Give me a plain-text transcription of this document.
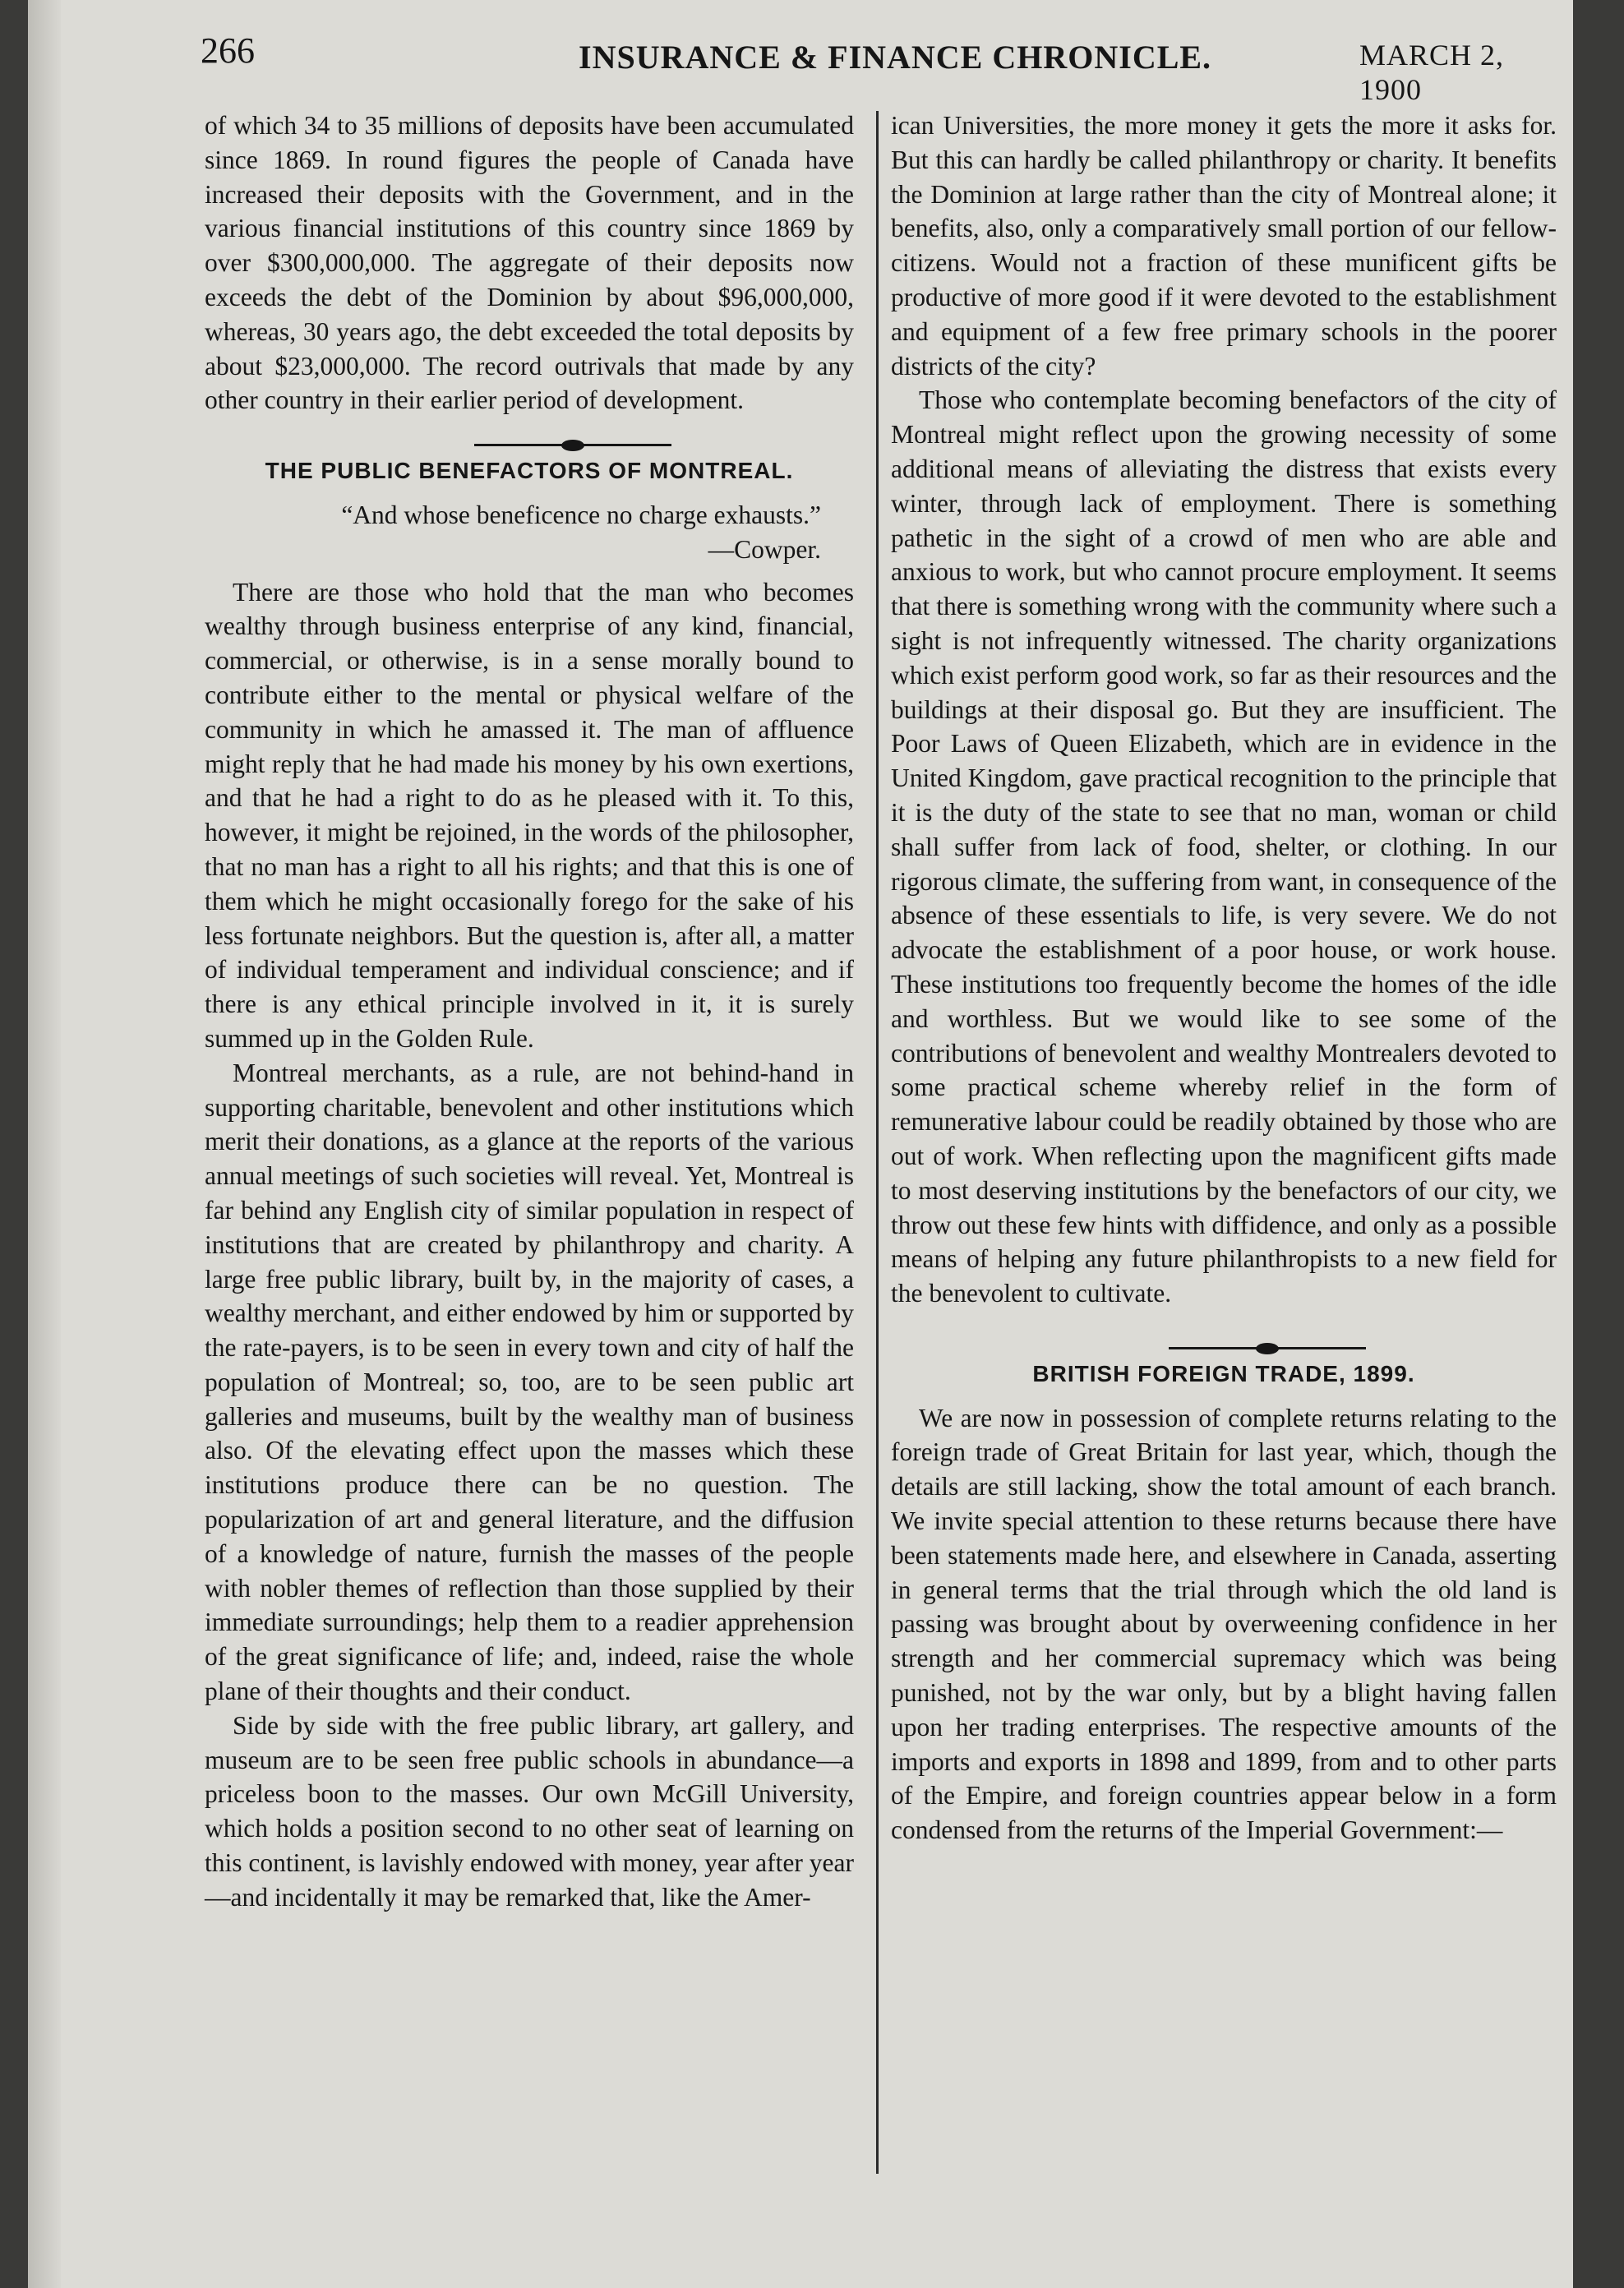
266	INSURANCE & FINANCE CHRONICLE.	MARCH 2, 1900

of which 34 to 35 millions of deposits have been accumulated since 1869. In round figures the people of Canada have increased their deposits with the Government, and in the various financial institutions of this country since 1869 by over $300,000,000. The aggregate of their deposits now exceeds the debt of the Dominion by about $96,000,000, whereas, 30 years ago, the debt exceeded the total deposits by about $23,000,000. The record outrivals that made by any other country in their earlier period of development.

THE PUBLIC BENEFACTORS OF MONTREAL.

“And whose beneficence no charge exhausts.”

—Cowper.

There are those who hold that the man who becomes wealthy through business enterprise of any kind, financial, commercial, or otherwise, is in a sense morally bound to contribute either to the mental or physical welfare of the community in which he amassed it. The man of affluence might reply that he had made his money by his own exertions, and that he had a right to do as he pleased with it. To this, however, it might be rejoined, in the words of the philosopher, that no man has a right to all his rights; and that this is one of them which he might occasionally forego for the sake of his less fortunate neighbors. But the question is, after all, a matter of individual temperament and individual conscience; and if there is any ethical principle involved in it, it is surely summed up in the Golden Rule.

Montreal merchants, as a rule, are not behind-hand in supporting charitable, benevolent and other institutions which merit their donations, as a glance at the reports of the various annual meetings of such societies will reveal. Yet, Montreal is far behind any English city of similar population in respect of institutions that are created by philanthropy and charity. A large free public library, built by, in the majority of cases, a wealthy merchant, and either endowed by him or supported by the rate-payers, is to be seen in every town and city of half the population of Montreal; so, too, are to be seen public art galleries and museums, built by the wealthy man of business also. Of the elevating effect upon the masses which these institutions produce there can be no question. The popularization of art and general literature, and the diffusion of a knowledge of nature, furnish the masses of the people with nobler themes of reflection than those supplied by their immediate surroundings; help them to a readier apprehension of the great significance of life; and, indeed, raise the whole plane of their thoughts and their conduct.

Side by side with the free public library, art gallery, and museum are to be seen free public schools in abundance—a priceless boon to the masses. Our own McGill University, which holds a position second to no other seat of learning on this continent, is lavishly endowed with money, year after year—and incidentally it may be remarked that, like the Amer-

ican Universities, the more money it gets the more it asks for. But this can hardly be called philanthropy or charity. It benefits the Dominion at large rather than the city of Montreal alone; it benefits, also, only a comparatively small portion of our fellow-citizens. Would not a fraction of these munificent gifts be productive of more good if it were devoted to the establishment and equipment of a few free primary schools in the poorer districts of the city?

Those who contemplate becoming benefactors of the city of Montreal might reflect upon the growing necessity of some additional means of alleviating the distress that exists every winter, through lack of employment. There is something pathetic in the sight of a crowd of men who are able and anxious to work, but who cannot procure employment. It seems that there is something wrong with the community where such a sight is not infrequently witnessed. The charity organizations which exist perform good work, so far as their resources and the buildings at their disposal go. But they are insufficient. The Poor Laws of Queen Elizabeth, which are in evidence in the United Kingdom, gave practical recognition to the principle that it is the duty of the state to see that no man, woman or child shall suffer from lack of food, shelter, or clothing. In our rigorous climate, the suffering from want, in consequence of the absence of these essentials to life, is very severe. We do not advocate the establishment of a poor house, or work house. These institutions too frequently become the homes of the idle and worthless. But we would like to see some of the contributions of benevolent and wealthy Montrealers devoted to some practical scheme whereby relief in the form of remunerative labour could be readily obtained by those who are out of work. When reflecting upon the magnificent gifts made to most deserving institutions by the benefactors of our city, we throw out these few hints with diffidence, and only as a possible means of helping any future philanthropists to a new field for the benevolent to cultivate.

BRITISH FOREIGN TRADE, 1899.

We are now in possession of complete returns relating to the foreign trade of Great Britain for last year, which, though the details are still lacking, show the total amount of each branch. We invite special attention to these returns because there have been statements made here, and elsewhere in Canada, asserting in general terms that the trial through which the old land is passing was brought about by overweening confidence in her strength and her commercial supremacy which was being punished, not by the war only, but by a blight having fallen upon her trading enterprises. The respective amounts of the imports and exports in 1898 and 1899, from and to other parts of the Empire, and foreign countries appear below in a form condensed from the returns of the Imperial Government:—
